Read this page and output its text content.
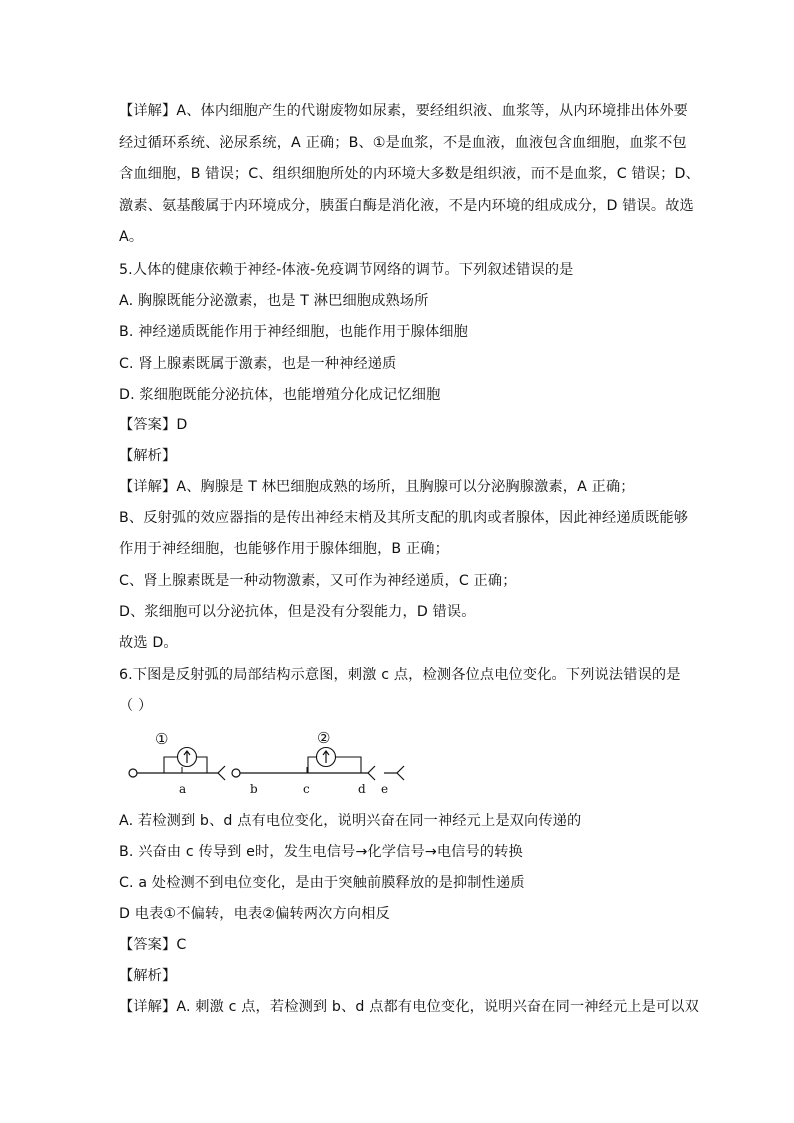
【详解】A、体内细胞产生的代谢废物如尿素，要经组织液、血浆等，从内环境排出体外要
经过循环系统、泌尿系统，A 正确；B、①是血浆，不是血液，血液包含血细胞，血浆不包
含血细胞，B 错误；C、组织细胞所处的内环境大多数是组织液，而不是血浆，C 错误；D、
激素、氨基酸属于内环境成分，胰蛋白酶是消化液，不是内环境的组成成分，D 错误。故选
A。
5.人体的健康依赖于神经-体液-免疫调节网络的调节。下列叙述错误的是
A. 胸腺既能分泌激素，也是 T 淋巴细胞成熟场所
B. 神经递质既能作用于神经细胞，也能作用于腺体细胞
C. 肾上腺素既属于激素，也是一种神经递质
D. 浆细胞既能分泌抗体，也能增殖分化成记忆细胞
【答案】D
【解析】
【详解】A、胸腺是 T 林巴细胞成熟的场所，且胸腺可以分泌胸腺激素，A 正确；
B、反射弧的效应器指的是传出神经末梢及其所支配的肌肉或者腺体，因此神经递质既能够
作用于神经细胞，也能够作用于腺体细胞，B 正确；
C、肾上腺素既是一种动物激素，又可作为神经递质，C 正确；
D、浆细胞可以分泌抗体，但是没有分裂能力，D 错误。
故选 D。
6.下图是反射弧的局部结构示意图，刺激 c 点，检测各位点电位变化。下列说法错误的是
（ ）
A. 若检测到 b、d 点有电位变化，说明兴奋在同一神经元上是双向传递的
B. 兴奋由 c 传导到 e时，发生电信号→化学信号→电信号的转换
C. a 处检测不到电位变化，是由于突触前膜释放的是抑制性递质
D 电表①不偏转，电表②偏转两次方向相反
【答案】C
【解析】
【详解】A. 刺激 c 点，若检测到 b、d 点都有电位变化，说明兴奋在同一神经元上是可以双
①
a
②
b	c	d e
